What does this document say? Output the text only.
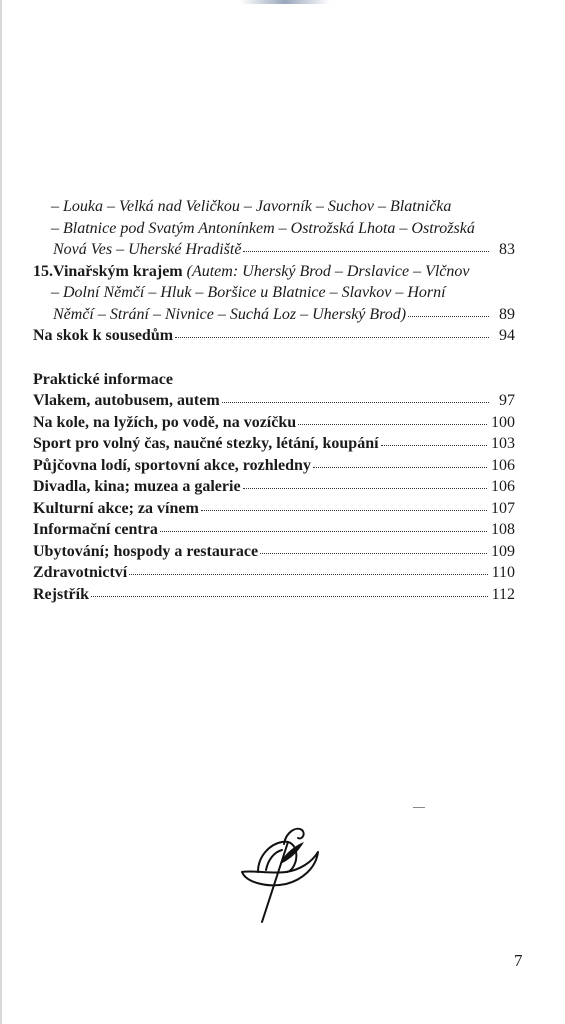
– Louka – Velká nad Veličkou – Javorník – Suchov – Blatnička
– Blatnice pod Svatým Antonínkem – Ostrožská Lhota – Ostrožská
Nová Ves – Uherské Hradiště	83
15. Vinařským krajem
(Autem: Uherský Brod – Drslavice – Vlčnov
– Dolní Němčí – Hluk – Boršice u Blatnice – Slavkov – Horní
Němčí – Strání – Nivnice – Suchá Loz – Uherský Brod)	89
Na skok k sousedům	94
Praktické informace
Vlakem, autobusem, autem	97
Na kole, na lyžích, po vodě, na vozíčku	100
Sport pro volný čas, naučné stezky, létání, koupání	103
Půjčovna lodí, sportovní akce, rozhledny	106
Divadla, kina; muzea a galerie	106
Kulturní akce; za vínem	107
Informační centra	108
Ubytování; hospody a restaurace	109
Zdravotnictví	110
Rejstřík	112
7
